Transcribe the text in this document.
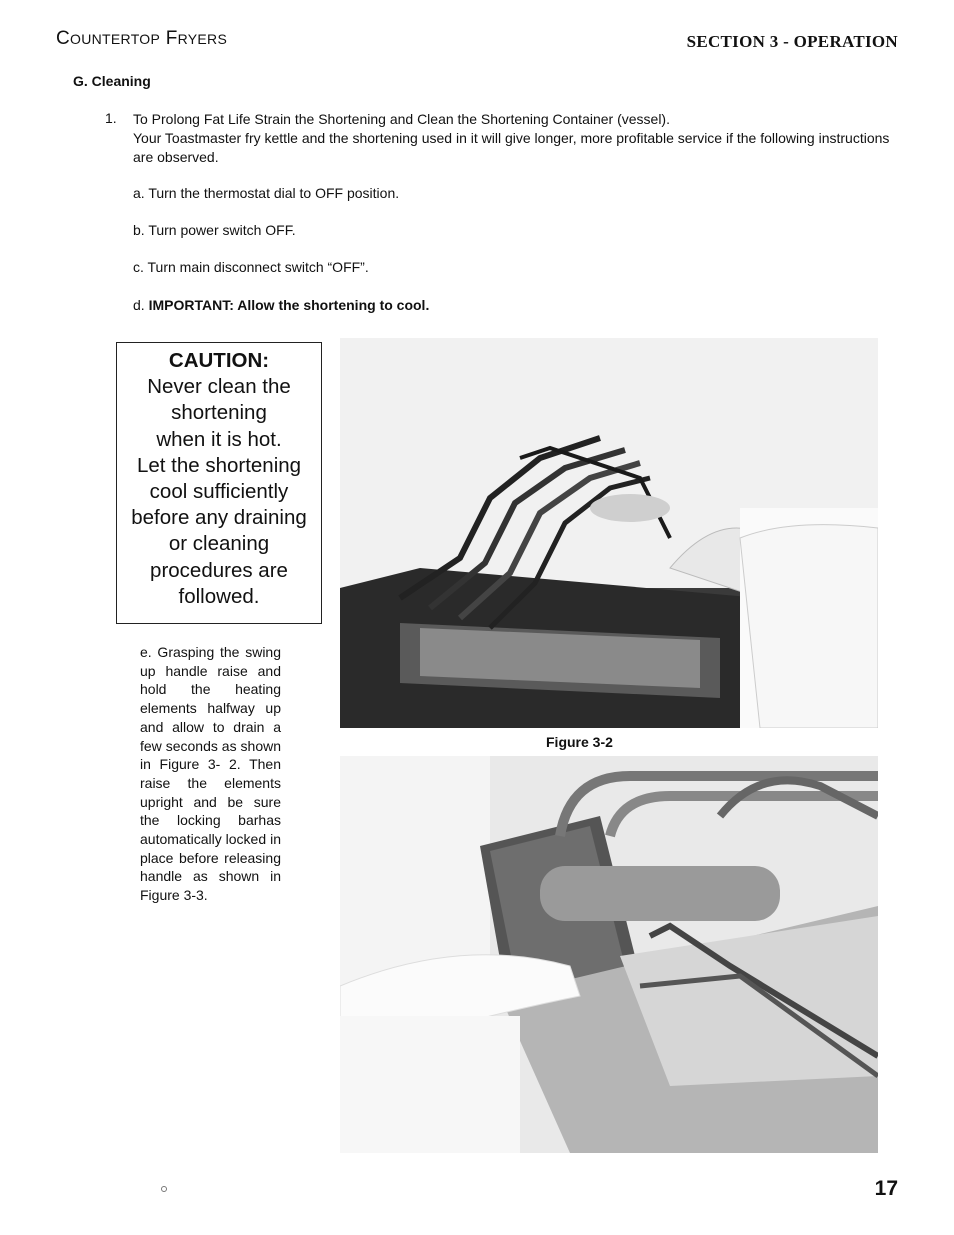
COUNTERTOP FRYERS	SECTION 3 - OPERATION
G. Cleaning
1. To Prolong Fat Life Strain the Shortening and Clean the Shortening Container (vessel).
Your Toastmaster fry kettle and the shortening used in it will give longer, more profitable service if the following instructions are observed.
a. Turn the thermostat dial to OFF position.
b. Turn power switch OFF.
c. Turn main disconnect switch “OFF”.
d. IMPORTANT: Allow the shortening to cool.
CAUTION:
Never clean the
shortening
when it is hot.
Let the shortening
cool sufficiently
before any draining
or cleaning
procedures are
followed.
e. Grasping the swing up handle raise and hold the heating elements halfway up and allow to drain a few seconds as shown in Figure 3- 2. Then raise the elements upright and be sure the locking barhas automatically locked in place before releasing handle as shown in Figure 3-3.
Figure 3-2
17
